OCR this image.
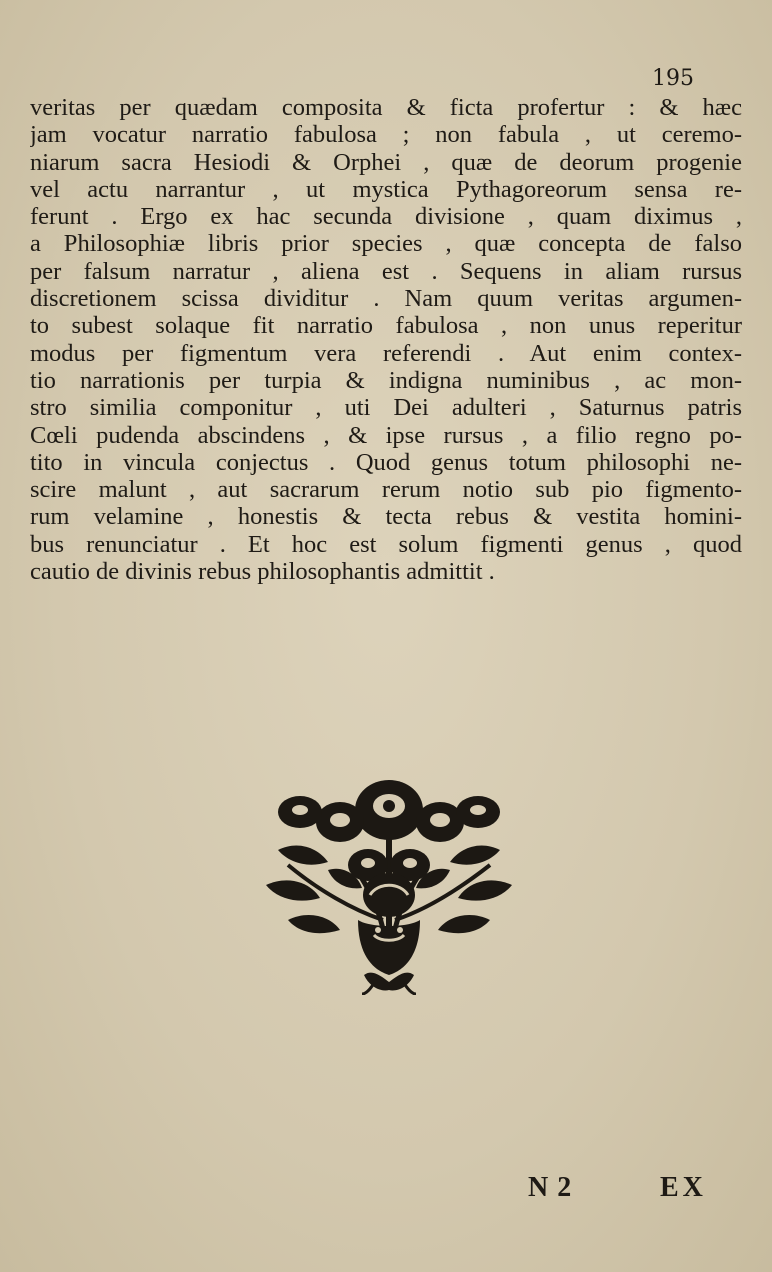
195
veritas per quædam composita & ficta profertur : & hæc
jam vocatur narratio fabulosa ; non fabula , ut ceremo-
niarum sacra Hesiodi & Orphei , quæ de deorum progenie
vel actu narrantur , ut mystica Pythagoreorum sensa re-
ferunt . Ergo ex hac secunda divisione , quam diximus ,
a Philosophiæ libris prior species , quæ concepta de falso
per falsum narratur , aliena est . Sequens in aliam rursus
discretionem scissa dividitur . Nam quum veritas argumen-
to subest solaque fit narratio fabulosa , non unus reperitur
modus per figmentum vera referendi . Aut enim contex-
tio narrationis per turpia & indigna numinibus , ac mon-
stro similia componitur , uti Dei adulteri , Saturnus patris
Cœli pudenda abscindens , & ipse rursus , a filio regno po-
tito in vincula conjectus . Quod genus totum philosophi ne-
scire malunt , aut sacrarum rerum notio sub pio figmento-
rum velamine , honestis & tecta rebus & vestita homini-
bus renunciatur . Et hoc est solum figmenti genus , quod
cautio de divinis rebus philosophantis admittit .
N 2	EX
